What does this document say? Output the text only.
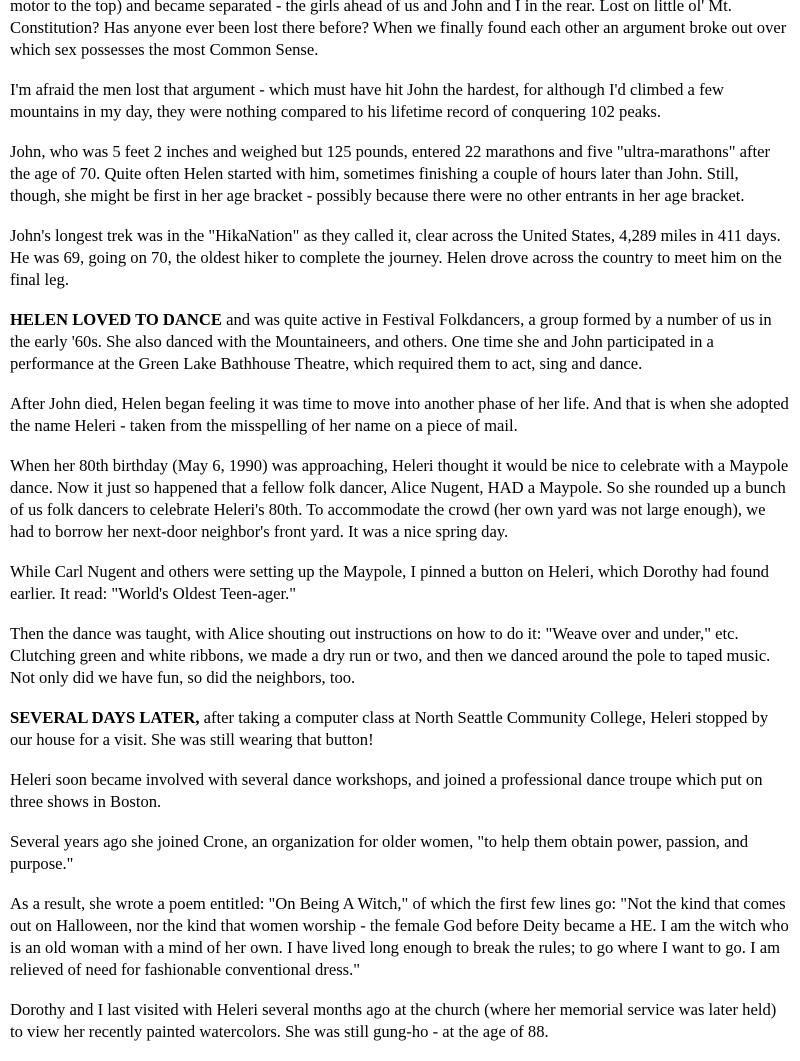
motor to the top) and became separated - the girls ahead of us and John and I in the rear. Lost on little ol' Mt. Constitution? Has anyone ever been lost there before? When we finally found each other an argument broke out over which sex possesses the most Common Sense.

I'm afraid the men lost that argument - which must have hit John the hardest, for although I'd climbed a few mountains in my day, they were nothing compared to his lifetime record of conquering 102 peaks.

John, who was 5 feet 2 inches and weighed but 125 pounds, entered 22 marathons and five "ultra-marathons" after the age of 70. Quite often Helen started with him, sometimes finishing a couple of hours later than John. Still, though, she might be first in her age bracket - possibly because there were no other entrants in her age bracket.

John's longest trek was in the "HikaNation" as they called it, clear across the United States, 4,289 miles in 411 days. He was 69, going on 70, the oldest hiker to complete the journey. Helen drove across the country to meet him on the final leg.

HELEN LOVED TO DANCE and was quite active in Festival Folkdancers, a group formed by a number of us in the early '60s. She also danced with the Mountaineers, and others. One time she and John participated in a performance at the Green Lake Bathhouse Theatre, which required them to act, sing and dance.

After John died, Helen began feeling it was time to move into another phase of her life. And that is when she adopted the name Heleri - taken from the misspelling of her name on a piece of mail.

When her 80th birthday (May 6, 1990) was approaching, Heleri thought it would be nice to celebrate with a Maypole dance. Now it just so happened that a fellow folk dancer, Alice Nugent, HAD a Maypole. So she rounded up a bunch of us folk dancers to celebrate Heleri's 80th. To accommodate the crowd (her own yard was not large enough), we had to borrow her next-door neighbor's front yard. It was a nice spring day.

While Carl Nugent and others were setting up the Maypole, I pinned a button on Heleri, which Dorothy had found earlier. It read: "World's Oldest Teen-ager."

Then the dance was taught, with Alice shouting out instructions on how to do it: "Weave over and under," etc. Clutching green and white ribbons, we made a dry run or two, and then we danced around the pole to taped music. Not only did we have fun, so did the neighbors, too.

SEVERAL DAYS LATER, after taking a computer class at North Seattle Community College, Heleri stopped by our house for a visit. She was still wearing that button!

Heleri soon became involved with several dance workshops, and joined a professional dance troupe which put on three shows in Boston.

Several years ago she joined Crone, an organization for older women, "to help them obtain power, passion, and purpose."

As a result, she wrote a poem entitled: "On Being A Witch," of which the first few lines go: "Not the kind that comes out on Halloween, nor the kind that women worship - the female God before Deity became a HE. I am the witch who is an old woman with a mind of her own. I have lived long enough to break the rules; to go where I want to go. I am relieved of need for fashionable conventional dress."

Dorothy and I last visited with Heleri several months ago at the church (where her memorial service was later held) to view her recently painted watercolors. She was still gung-ho - at the age of 88.
